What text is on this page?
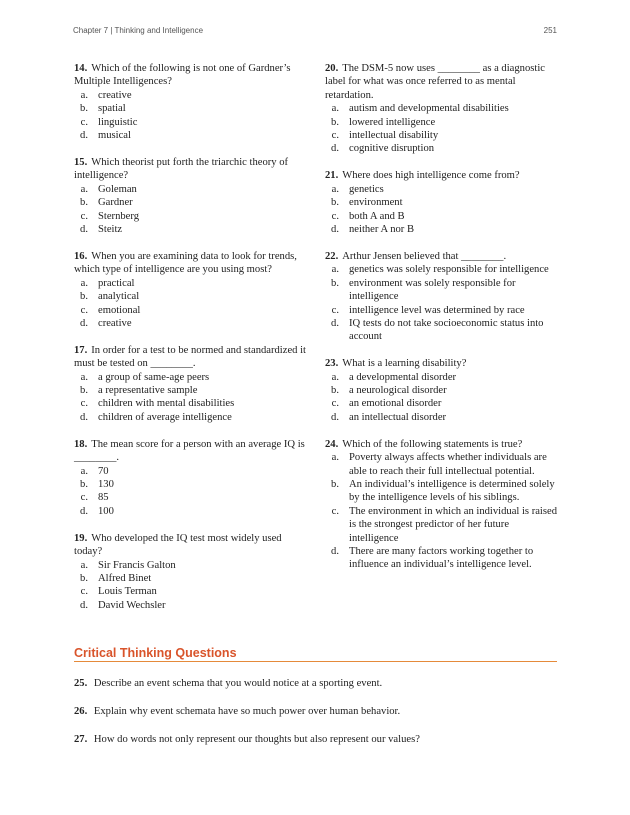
Chapter 7 | Thinking and Intelligence	251

14. Which of the following is not one of Gardner’s Multiple Intelligences?

a. creative
b. spatial
c. linguistic
d. musical

15. Which theorist put forth the triarchic theory of intelligence?

a. Goleman
b. Gardner
c. Sternberg
d. Steitz

16. When you are examining data to look for trends, which type of intelligence are you using most?

a. practical
b. analytical
c. emotional
d. creative

17. In order for a test to be normed and standardized it must be tested on ________.

a. a group of same-age peers
b. a representative sample
c. children with mental disabilities
d. children of average intelligence

18. The mean score for a person with an average IQ is ________.

a. 70
b. 130
c. 85
d. 100

19. Who developed the IQ test most widely used today?

a. Sir Francis Galton
b. Alfred Binet
c. Louis Terman
d. David Wechsler

20. The DSM-5 now uses ________ as a diagnostic label for what was once referred to as mental retardation.

a. autism and developmental disabilities
b. lowered intelligence
c. intellectual disability
d. cognitive disruption

21. Where does high intelligence come from?

a. genetics
b. environment
c. both A and B
d. neither A nor B

22. Arthur Jensen believed that ________.

a. genetics was solely responsible for intelligence
b. environment was solely responsible for intelligence
c. intelligence level was determined by race
d. IQ tests do not take socioeconomic status into account

23. What is a learning disability?

a. a developmental disorder
b. a neurological disorder
c. an emotional disorder
d. an intellectual disorder

24. Which of the following statements is true?

a. Poverty always affects whether individuals are able to reach their full intellectual potential.
b. An individual’s intelligence is determined solely by the intelligence levels of his siblings.
c. The environment in which an individual is raised is the strongest predictor of her future intelligence
d. There are many factors working together to influence an individual’s intelligence level.
Critical Thinking Questions
25. Describe an event schema that you would notice at a sporting event.
26. Explain why event schemata have so much power over human behavior.
27. How do words not only represent our thoughts but also represent our values?
